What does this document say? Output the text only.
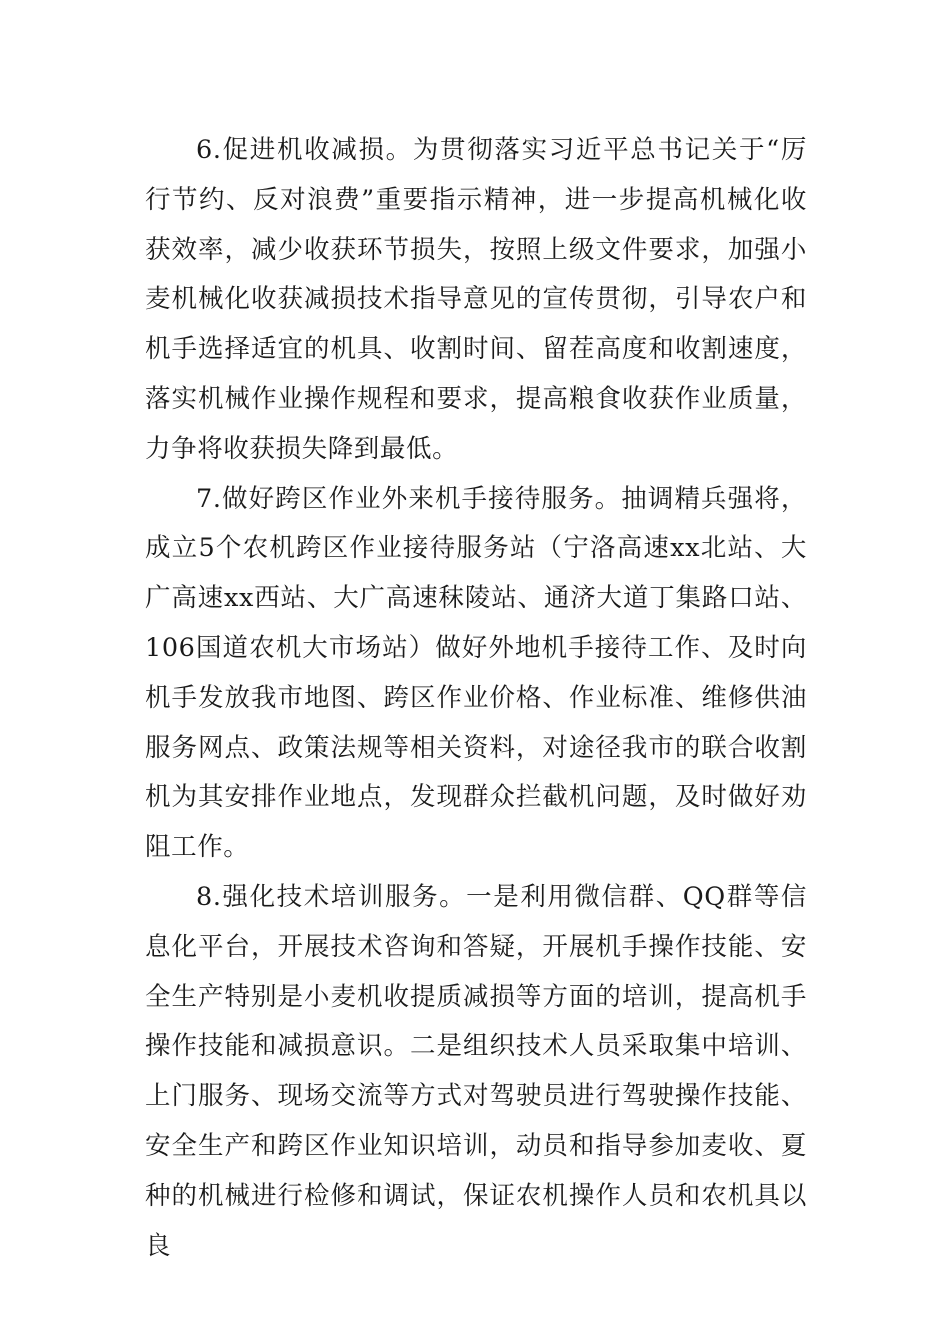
6.促进机收减损。为贯彻落实习近平总书记关于“厉行节约、反对浪费”重要指示精神，进一步提高机械化收获效率，减少收获环节损失，按照上级文件要求，加强小麦机械化收获减损技术指导意见的宣传贯彻，引导农户和机手选择适宜的机具、收割时间、留茬高度和收割速度，落实机械作业操作规程和要求，提高粮食收获作业质量，力争将收获损失降到最低。

7.做好跨区作业外来机手接待服务。抽调精兵强将，成立5个农机跨区作业接待服务站（宁洛高速xx北站、大广高速xx西站、大广高速秣陵站、通济大道丁集路口站、106国道农机大市场站）做好外地机手接待工作、及时向机手发放我市地图、跨区作业价格、作业标准、维修供油服务网点、政策法规等相关资料，对途径我市的联合收割机为其安排作业地点，发现群众拦截机问题，及时做好劝阻工作。

8.强化技术培训服务。一是利用微信群、QQ群等信息化平台，开展技术咨询和答疑，开展机手操作技能、安全生产特别是小麦机收提质减损等方面的培训，提高机手操作技能和减损意识。二是组织技术人员采取集中培训、上门服务、现场交流等方式对驾驶员进行驾驶操作技能、安全生产和跨区作业知识培训，动员和指导参加麦收、夏种的机械进行检修和调试，保证农机操作人员和农机具以良
